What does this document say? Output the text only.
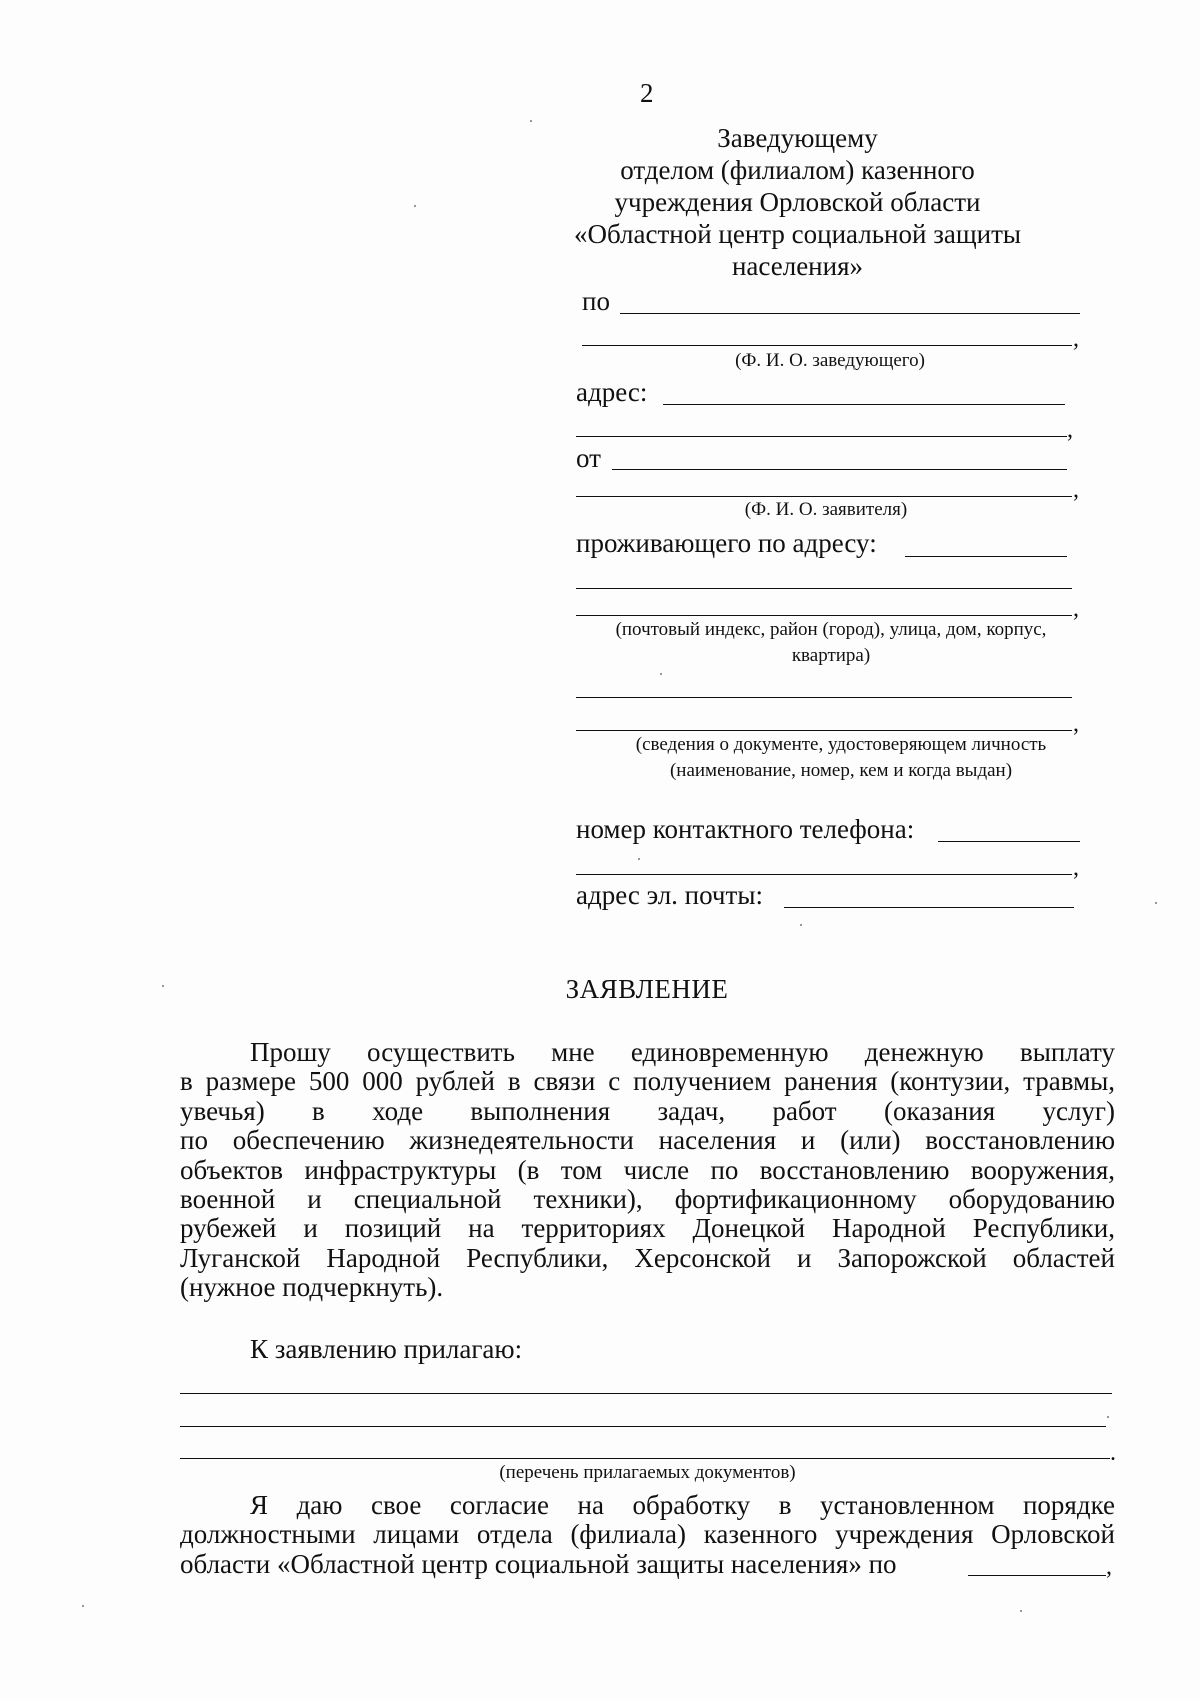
2
Заведующему
отделом (филиалом) казенного
учреждения Орловской области
«Областной центр социальной защиты
населения»
по
,
(Ф. И. О. заведующего)
адрес:
,
от
,
(Ф. И. О. заявителя)
проживающего по адресу:
,
(почтовый индекс, район (город), улица, дом, корпус,
квартира)
,
(сведения о документе, удостоверяющем личность
(наименование, номер, кем и когда выдан)
номер контактного телефона:
,
адрес эл. почты:
ЗАЯВЛЕНИЕ
Прошу осуществить мне единовременную денежную выплату
в размере 500 000 рублей в связи с получением ранения (контузии, травмы,
увечья) в ходе выполнения задач, работ (оказания услуг)
по обеспечению жизнедеятельности населения и (или) восстановлению
объектов инфраструктуры (в том числе по восстановлению вооружения,
военной и специальной техники), фортификационному оборудованию
рубежей и позиций на территориях Донецкой Народной Республики,
Луганской Народной Республики, Херсонской и Запорожской областей
(нужное подчеркнуть).
К заявлению прилагаю:
.
(перечень прилагаемых документов)
Я даю свое согласие на обработку в установленном порядке
должностными лицами отдела (филиала) казенного учреждения Орловской
области «Областной центр социальной защиты населения» по	,
